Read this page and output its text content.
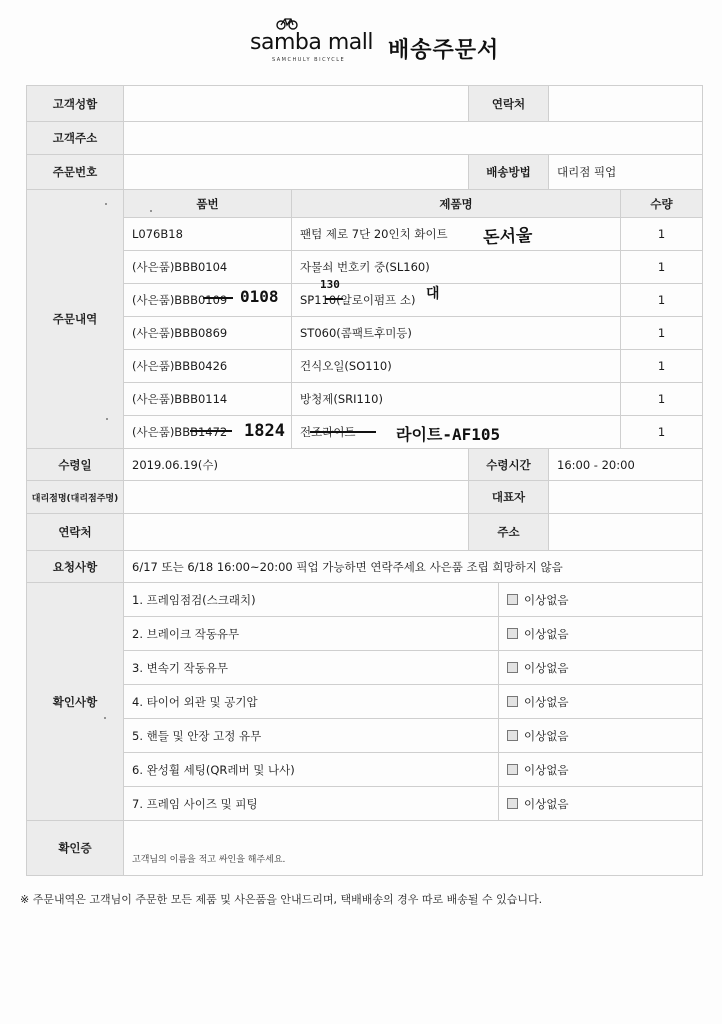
samba mall
SAMCHULY BICYCLE 배송주문서
고객성함			연락처			
고객주소						
주문번호			배송방법		대리점 픽업	
주문내역	품번	제품명				수량
	L076B18	팬텀 제로 7단 20인치 화이트				1
	(사은품)BBB0104	자물쇠 번호키 중(SL160)				1
	(사은품)BBB0109	SP110(알로이펌프 소)				1
	(사은품)BBB0869	ST060(콤팩트후미등)				1
	(사은품)BBB0426	건식오일(SO110)				1
	(사은품)BBB0114	방청제(SRI110)				1
	(사은품)BBB1472	전조라이트				1
수령일	2019.06.19(수)		수령시간		16:00 - 20:00	
대리점명(대리점주명)			대표자			
연락처			주소			
요청사항	6/17 또는 6/18 16:00~20:00 픽업 가능하면 연락주세요 사은품 조립 희망하지 않음					
확인사항	1. 프레임점검(스크래치)			이상없음		
	2. 브레이크 작동유무			이상없음		
	3. 변속기 작동유무			이상없음		
	4. 타이어 외관 및 공기압			이상없음		
	5. 핸들 및 안장 고정 유무			이상없음		
	6. 완성휠 세팅(QR레버 및 나사)			이상없음		
	7. 프레임 사이즈 및 피팅			이상없음		
확인증	고객님의 이름을 적고 싸인을 해주세요.					
돈서울
0108
130
대
1824	라이트-AF105
※ 주문내역은 고객님이 주문한 모든 제품 및 사은품을 안내드리며, 택배배송의 경우 따로 배송될 수 있습니다.
